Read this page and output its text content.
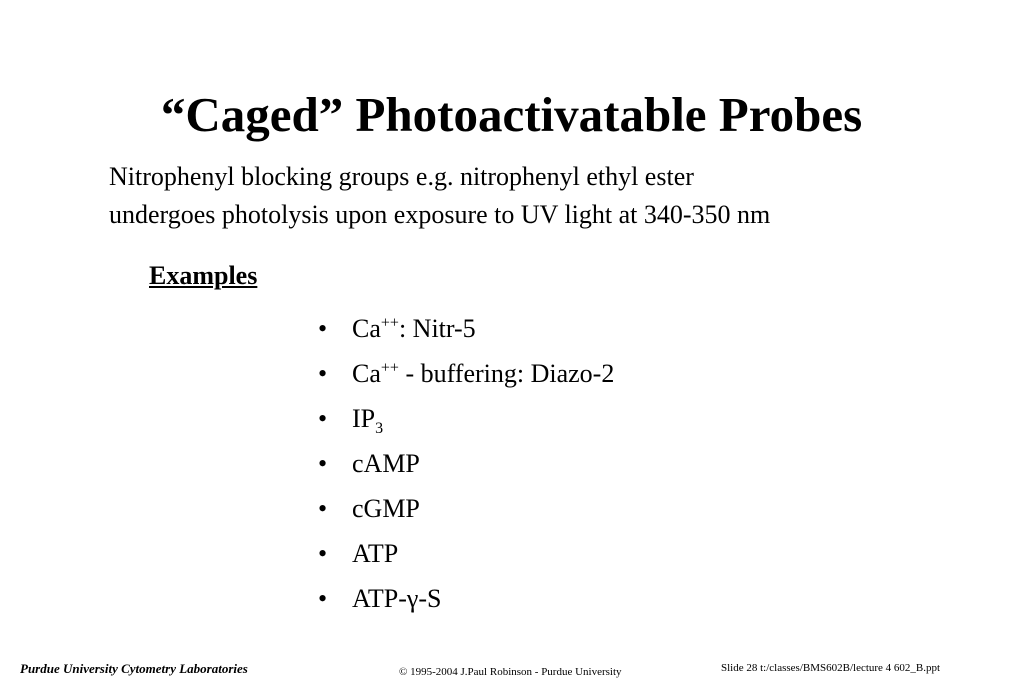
“Caged” Photoactivatable Probes
Nitrophenyl blocking groups e.g. nitrophenyl ethyl ester
undergoes photolysis upon exposure to UV light at 340-350 nm
Examples
• Ca++: Nitr-5
• Ca++ - buffering: Diazo-2
• $IP_3$
• cAMP
• cGMP
• ATP
• ATP-γ-S
Purdue University Cytometry Laboratories	© 1995-2004 J.Paul Robinson - Purdue University	Slide 28 t:/classes/BMS602B/lecture 4 602_B.ppt
